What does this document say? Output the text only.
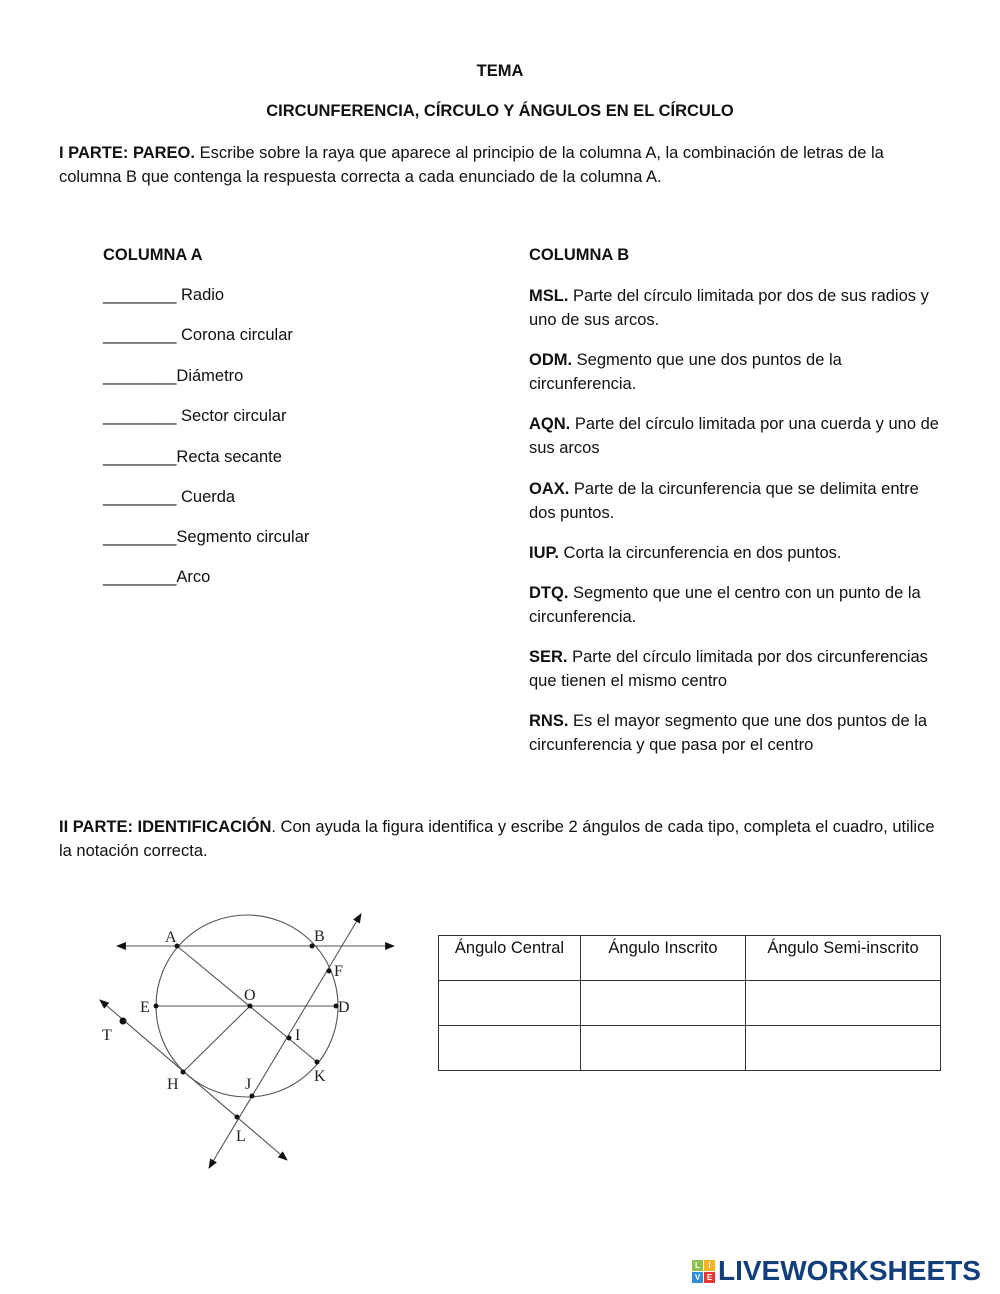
TEMA
CIRCUNFERENCIA, CÍRCULO Y ÁNGULOS EN EL CÍRCULO

I PARTE: PAREO. Escribe sobre la raya que aparece al principio de la columna A, la combinación de letras de la columna B que contenga la respuesta correcta a cada enunciado de la columna A.

COLUMNA A	COLUMNA B
________ Radio
________ Corona circular
________Diámetro
________ Sector circular
________Recta secante
________ Cuerda
________Segmento circular
________Arco

MSL. Parte del círculo limitada por dos de sus radios y uno de sus arcos.

ODM. Segmento que une dos puntos de la circunferencia.

AQN. Parte del círculo limitada por una cuerda y uno de sus arcos

OAX. Parte de la circunferencia que se delimita entre dos puntos.

IUP. Corta la circunferencia en dos puntos.

DTQ. Segmento que une el centro con un punto de la circunferencia.

SER. Parte del círculo limitada por dos circunferencias que tienen el mismo centro

RNS. Es el mayor segmento que une dos puntos de la circunferencia y que pasa por el centro

II PARTE: IDENTIFICACIÓN. Con ayuda la figura identifica y escribe 2 ángulos de cada tipo, completa el cuadro, utilice la notación correcta.

A	B
F
O
E	D
T	I
K
H	J
L
Ángulo Central	Ángulo Inscrito	Ángulo Semi-inscrito

L	I
V E LIVEWORKSHEETS
